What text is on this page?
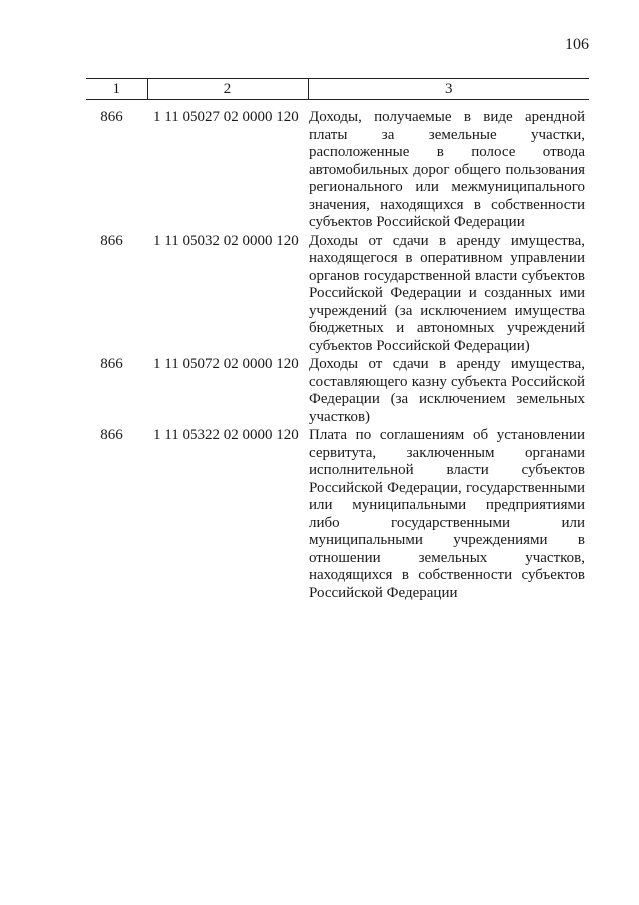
106
1	2	3
866	1 11 05027 02 0000 120	Доходы, получаемые в виде арендной платы за земельные участки, расположенные в полосе отвода автомобильных дорог общего пользования регионального или межмуниципального значения, находящихся в собственности субъектов Российской Федерации
866	1 11 05032 02 0000 120	Доходы от сдачи в аренду имущества, находящегося в оперативном управлении органов государственной власти субъектов Российской Федерации и созданных ими учреждений (за исключением имущества бюджетных и автономных учреждений субъектов Российской Федерации)
866	1 11 05072 02 0000 120	Доходы от сдачи в аренду имущества, составляющего казну субъекта Российской Федерации (за исключением земельных участков)
866	1 11 05322 02 0000 120	Плата по соглашениям об установлении сервитута, заключенным органами исполнительной власти субъектов Российской Федерации, государственными или муниципальными предприятиями либо государственными или муниципальными учреждениями в отношении земельных участков, находящихся в собственности субъектов Российской Федерации
